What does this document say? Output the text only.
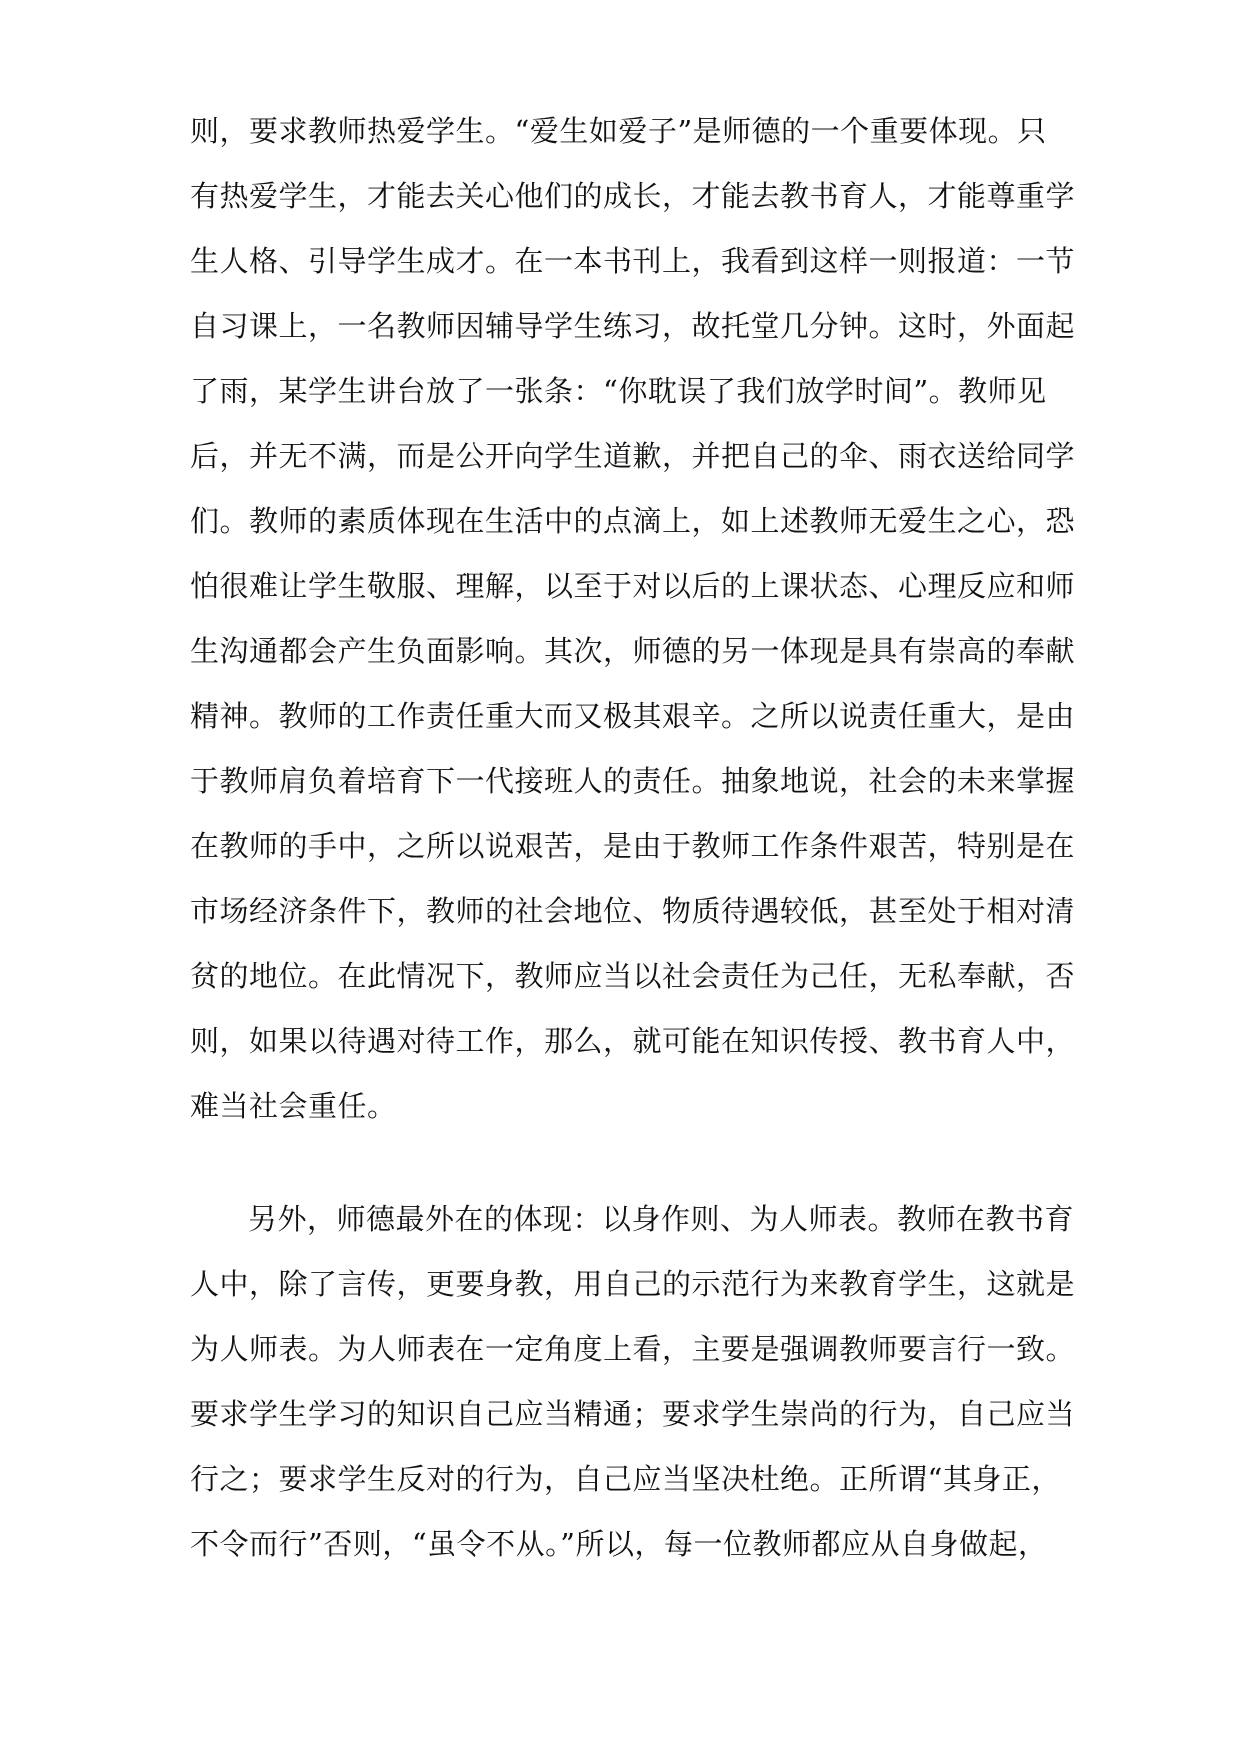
则，要求教师热爱学生。“爱生如爱子”是师德的一个重要体现。只
有热爱学生，才能去关心他们的成长，才能去教书育人，才能尊重学
生人格、引导学生成才。在一本书刊上，我看到这样一则报道：一节
自习课上，一名教师因辅导学生练习，故托堂几分钟。这时，外面起
了雨，某学生讲台放了一张条：“你耽误了我们放学时间”。教师见
后，并无不满，而是公开向学生道歉，并把自己的伞、雨衣送给同学
们。教师的素质体现在生活中的点滴上，如上述教师无爱生之心，恐
怕很难让学生敬服、理解，以至于对以后的上课状态、心理反应和师
生沟通都会产生负面影响。其次，师德的另一体现是具有崇高的奉献
精神。教师的工作责任重大而又极其艰辛。之所以说责任重大，是由
于教师肩负着培育下一代接班人的责任。抽象地说，社会的未来掌握
在教师的手中，之所以说艰苦，是由于教师工作条件艰苦，特别是在
市场经济条件下，教师的社会地位、物质待遇较低，甚至处于相对清
贫的地位。在此情况下，教师应当以社会责任为己任，无私奉献，否
则，如果以待遇对待工作，那么，就可能在知识传授、教书育人中，
难当社会重任。
另外，师德最外在的体现：以身作则、为人师表。教师在教书育
人中，除了言传，更要身教，用自己的示范行为来教育学生，这就是
为人师表。为人师表在一定角度上看，主要是强调教师要言行一致。
要求学生学习的知识自己应当精通；要求学生崇尚的行为，自己应当
行之；要求学生反对的行为，自己应当坚决杜绝。正所谓“其身正，
不令而行”否则，“虽令不从。”所以，每一位教师都应从自身做起，
